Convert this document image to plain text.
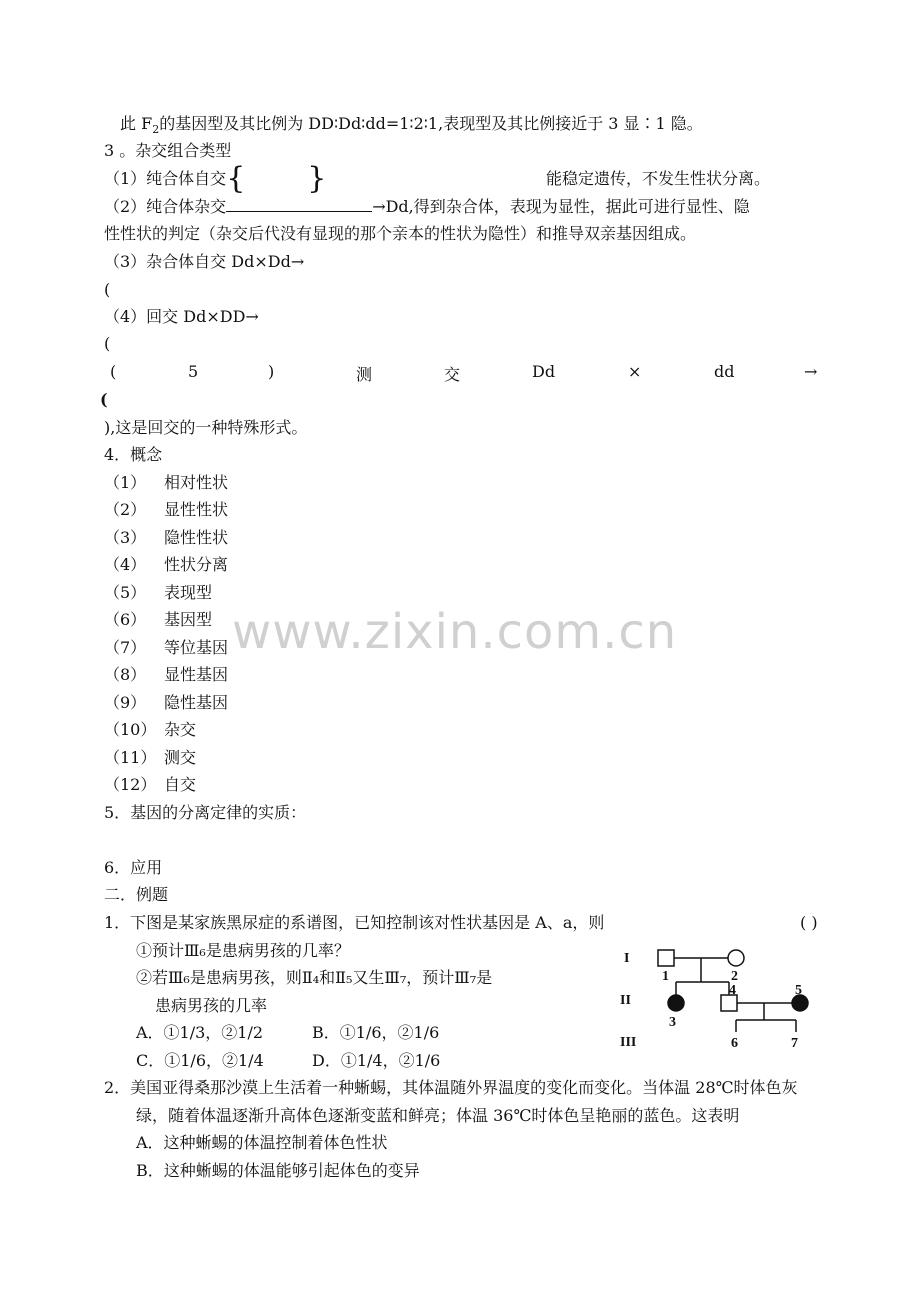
此 $F_2$的基因型及其比例为 DD∶Dd∶dd=1∶2∶1,表现型及其比例接近于 3 显∶1 隐。
3 。杂交组合类型
（1）纯合体自交{ }	能稳定遗传，不发生性状分离。
（2）纯合体杂交	→Dd,得到杂合体，表现为显性，据此可进行显性、隐
性性状的判定（杂交后代没有显现的那个亲本的性状为隐性）和推导双亲基因组成。
（3）杂合体自交 Dd×Dd→
(
（4）回交 Dd×DD→
(
(	5	)	测	交	Dd	×	dd	→
(
),这是回交的一种特殊形式。
4．概念
（1） 相对性状
（2） 显性性状
（3） 隐性性状
（4） 性状分离
（5） 表现型
（6） 基因型
（7） 等位基因
（8） 显性基因
（9） 隐性基因
（10） 杂交
（11） 测交
（12） 自交
5．基因的分离定律的实质：
6．应用
二．例题
1．下图是某家族黑尿症的系谱图，已知控制该对性状基因是 A、a，则	( )
①预计Ⅲ₆是患病男孩的几率？
②若Ⅲ₆是患病男孩，则Ⅱ₄和Ⅱ₅又生Ⅲ₇，预计Ⅲ₇是
患病男孩的几率
A．①1/3，②1/2	B．①1/6，②1/6
C．①1/6，②1/4	D．①1/4，②1/6
I
II
III
1	2
3
4	5
6	7
2．美国亚得桑那沙漠上生活着一种蜥蜴，其体温随外界温度的变化而变化。当体温 28℃时体色灰
绿，随着体温逐渐升高体色逐渐变蓝和鲜亮；体温 36℃时体色呈艳丽的蓝色。这表明
A．这种蜥蜴的体温控制着体色性状
B．这种蜥蜴的体温能够引起体色的变异
www.zixin.com.cn
